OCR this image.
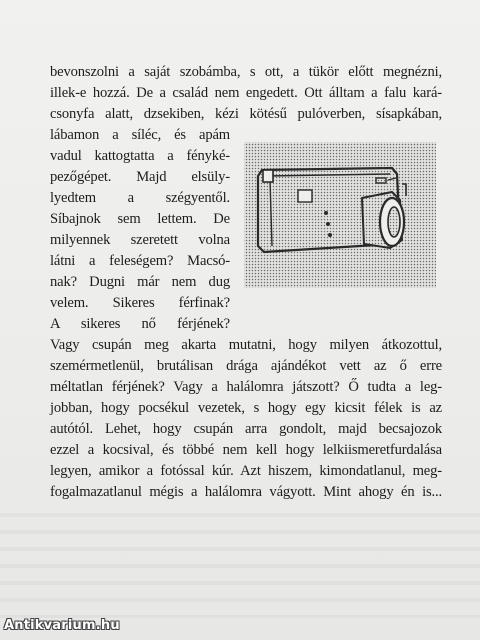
bevonszolni a saját szobámba, s ott, a tükör előtt megnézni,
illek-e hozzá. De a család nem engedett. Ott álltam a falu kará-
csonyfa alatt, dzsekiben, kézi kötésű pulóverben, sísapkában,
lábamon a síléc, és apám
vadul kattogtatta a fényké-
pezőgépet. Majd elsüly-
lyedtem a szégyentől.
Síbajnok sem lettem. De
milyennek szeretett volna
látni a feleségem? Macsó-
nak? Dugni már nem dug
velem. Sikeres férfinak?
A sikeres nő férjének?
Vagy csupán meg akarta mutatni, hogy milyen átkozottul,
szemérmetlenül, brutálisan drága ajándékot vett az ő erre
méltatlan férjének? Vagy a halálomra játszott? Ő tudta a leg-
jobban, hogy pocsékul vezetek, s hogy egy kicsit félek is az
autótól. Lehet, hogy csupán arra gondolt, majd becsajozok
ezzel a kocsival, és többé nem kell hogy lelkiismeretfurdalása
legyen, amikor a fotóssal kúr. Azt hiszem, kimondatlanul, meg-
fogalmazatlanul mégis a halálomra vágyott. Mint ahogy én is...
Antikvarium.hu
